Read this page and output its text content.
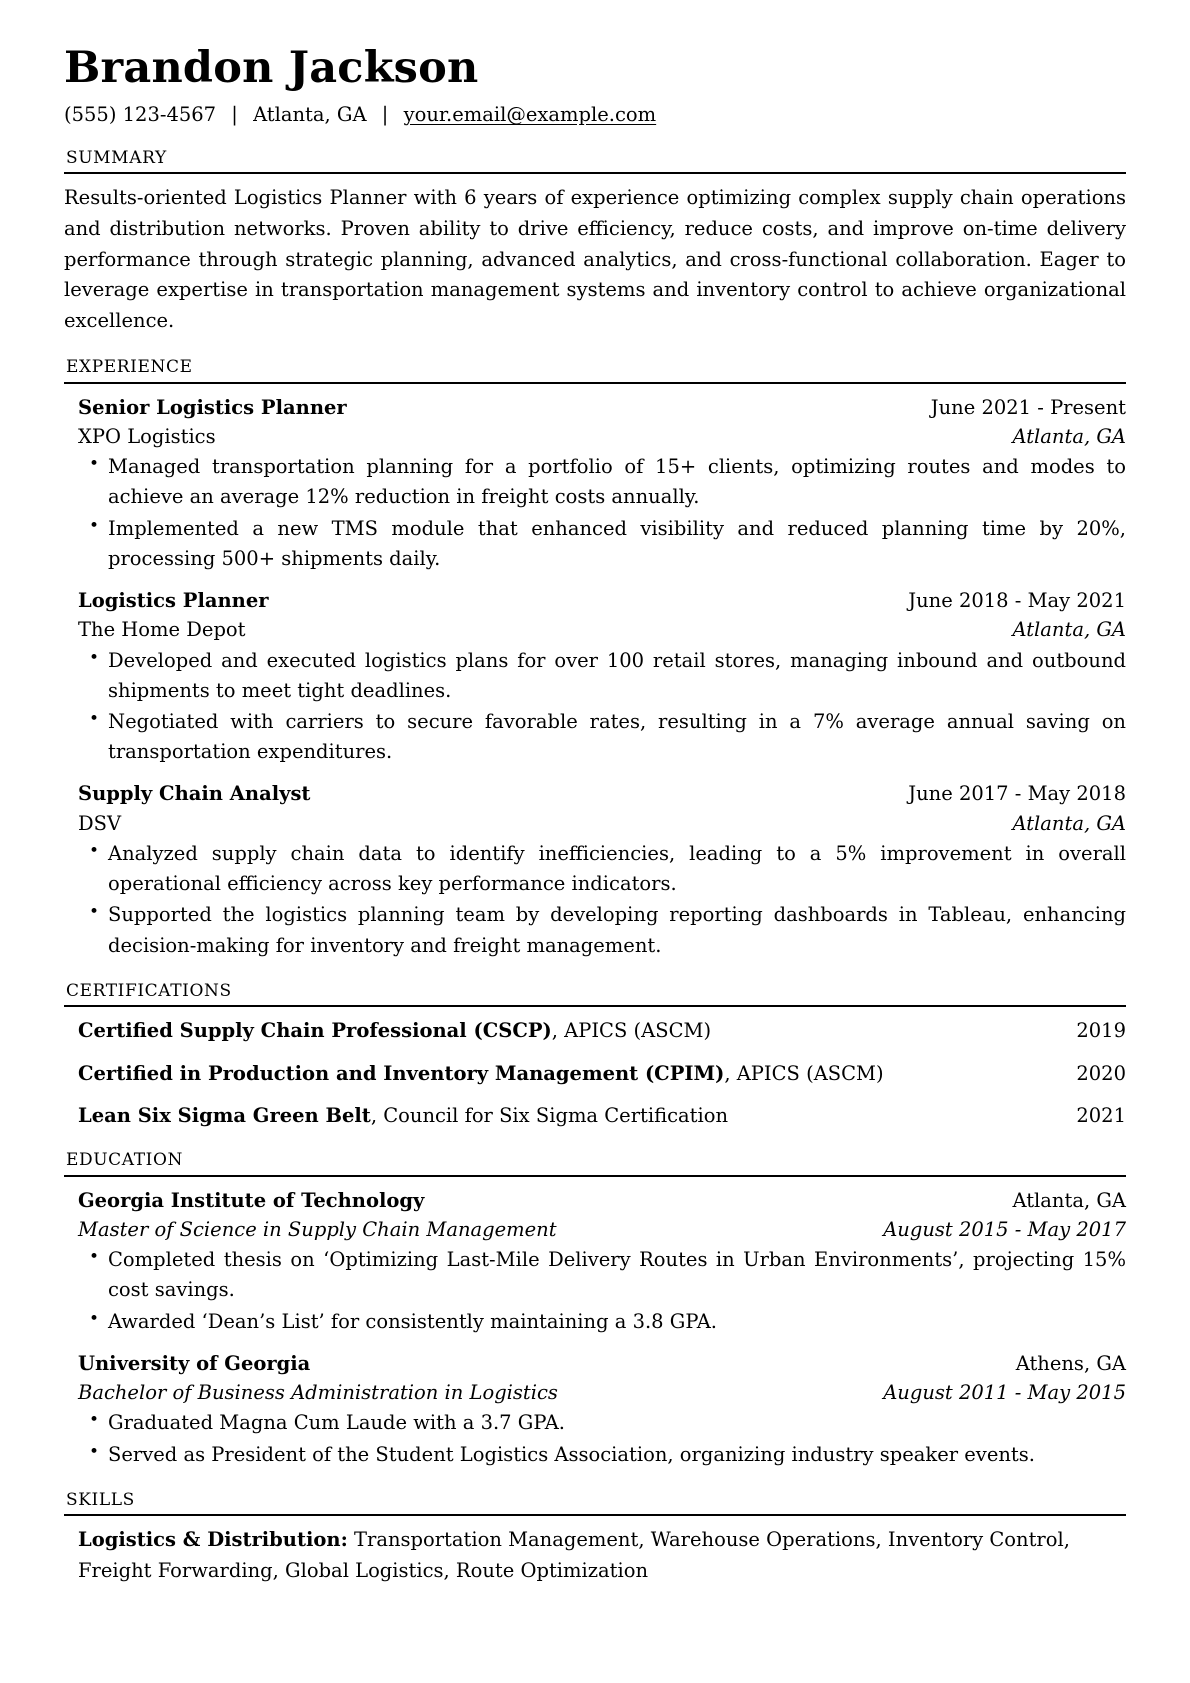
Brandon Jackson
(555) 123-4567 | Atlanta, GA | your.email@example.com
summary
Results-oriented Logistics Planner with 6 years of experience optimizing complex supply chain operations and distribution networks. Proven ability to drive efficiency, reduce costs, and improve on-time delivery performance through strategic planning, advanced analytics, and cross-functional collaboration. Eager to leverage expertise in transportation management systems and inventory control to achieve organizational excellence.
experience
Senior Logistics Planner	June 2021 - Present
XPO Logistics	Atlanta, GA
• Managed transportation planning for a portfolio of 15+ clients, optimizing routes and modes to achieve an average 12% reduction in freight costs annually.
• Implemented a new TMS module that enhanced visibility and reduced planning time by 20%, processing 500+ shipments daily.
Logistics Planner	June 2018 - May 2021
The Home Depot	Atlanta, GA
• Developed and executed logistics plans for over 100 retail stores, managing inbound and outbound shipments to meet tight deadlines.
• Negotiated with carriers to secure favorable rates, resulting in a 7% average annual saving on transportation expenditures.
Supply Chain Analyst	June 2017 - May 2018
DSV	Atlanta, GA
• Analyzed supply chain data to identify inefficiencies, leading to a 5% improvement in overall operational efficiency across key performance indicators.
• Supported the logistics planning team by developing reporting dashboards in Tableau, enhancing decision-making for inventory and freight management.
certifications
Certified Supply Chain Professional (CSCP), APICS (ASCM)	2019
Certified in Production and Inventory Management (CPIM), APICS (ASCM)	2020
Lean Six Sigma Green Belt, Council for Six Sigma Certification	2021
education
Georgia Institute of Technology	Atlanta, GA
Master of Science in Supply Chain Management	August 2015 - May 2017
• Completed thesis on ‘Optimizing Last-Mile Delivery Routes in Urban Environments’, projecting 15% cost savings.
• Awarded ‘Dean’s List’ for consistently maintaining a 3.8 GPA.
University of Georgia	Athens, GA
Bachelor of Business Administration in Logistics	August 2011 - May 2015
• Graduated Magna Cum Laude with a 3.7 GPA.
• Served as President of the Student Logistics Association, organizing industry speaker events.
skills
Logistics & Distribution: Transportation Management, Warehouse Operations, Inventory Control, Freight Forwarding, Global Logistics, Route Optimization
